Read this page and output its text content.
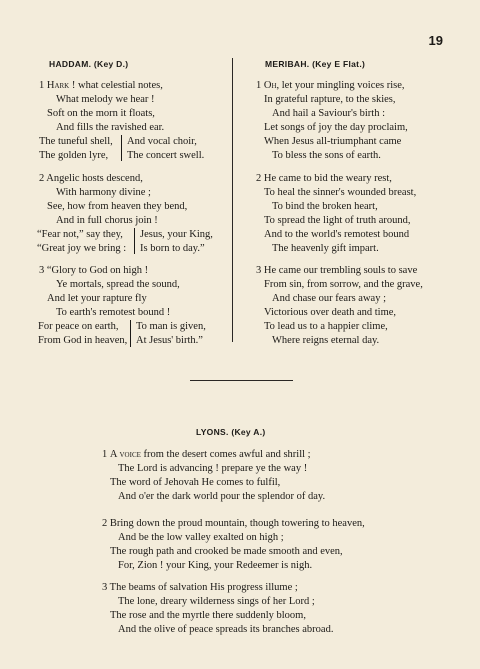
19
HADDAM. (Key D.)
1 Hark ! what celestial notes,
What melody we hear !
Soft on the morn it floats,
And fills the ravished ear.
The tuneful shell, And vocal choir,
The golden lyre, The concert swell.
2 Angelic hosts descend,
With harmony divine ;
See, how from heaven they bend,
And in full chorus join !
“Fear not,” say they, Jesus, your King,
“Great joy we bring : Is born to day.”
3 “Glory to God on high !
Ye mortals, spread the sound,
And let your rapture fly
To earth's remotest bound !
For peace on earth, To man is given,
From God in heaven, At Jesus' birth.”
MERIBAH. (Key E Flat.)
1 Oh, let your mingling voices rise,
In grateful rapture, to the skies,
And hail a Saviour's birth :
Let songs of joy the day proclaim,
When Jesus all-triumphant came
To bless the sons of earth.
2 He came to bid the weary rest,
To heal the sinner's wounded breast,
To bind the broken heart,
To spread the light of truth around,
And to the world's remotest bound
The heavenly gift impart.
3 He came our trembling souls to save
From sin, from sorrow, and the grave,
And chase our fears away ;
Victorious over death and time,
To lead us to a happier clime,
Where reigns eternal day.
LYONS. (Key A.)
1 A voice from the desert comes awful and shrill ;
The Lord is advancing ! prepare ye the way !
The word of Jehovah He comes to fulfil,
And o'er the dark world pour the splendor of day.
2 Bring down the proud mountain, though towering to heaven,
And be the low valley exalted on high ;
The rough path and crooked be made smooth and even,
For, Zion ! your King, your Redeemer is nigh.
3 The beams of salvation His progress illume ;
The lone, dreary wilderness sings of her Lord ;
The rose and the myrtle there suddenly bloom,
And the olive of peace spreads its branches abroad.
